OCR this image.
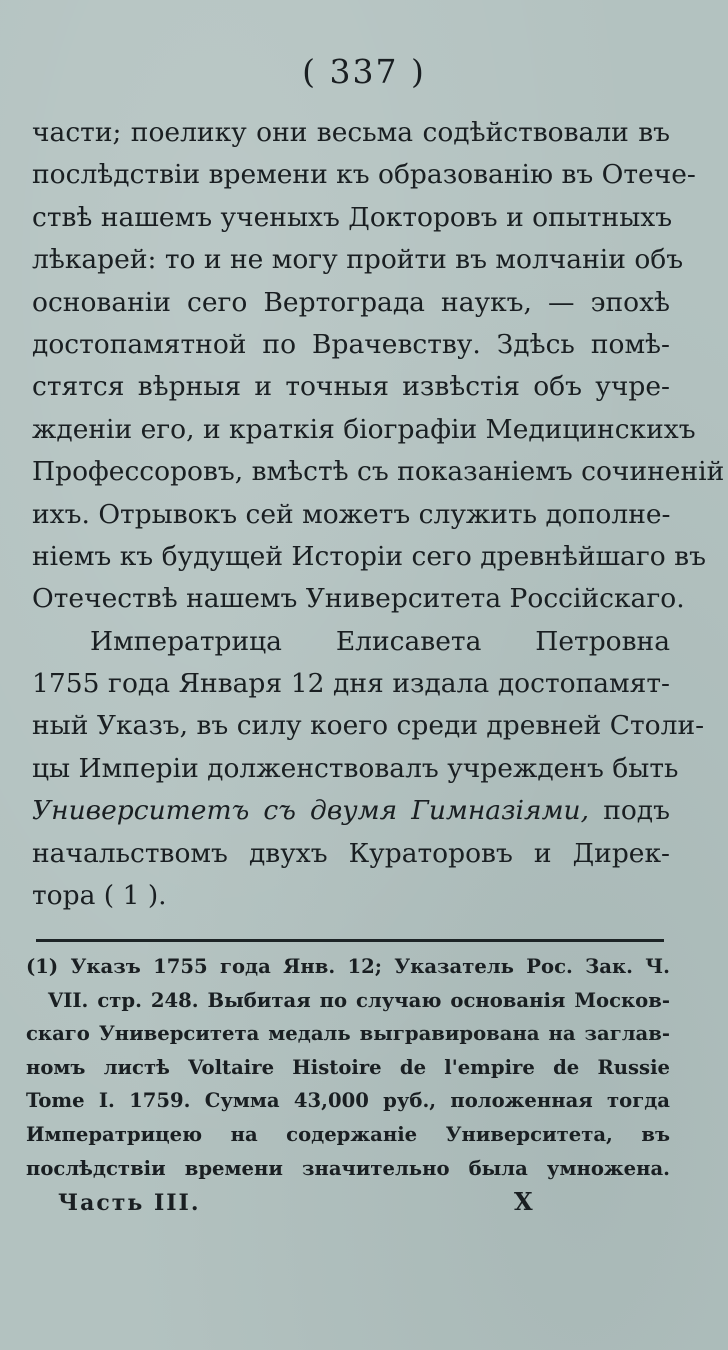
( 337 )
части; поелику они весьма содѣйствовали въ
послѣдствіи времени къ образованію въ Отече-
ствѣ нашемъ ученыхъ Докторовъ и опытныхъ
лѣкарей: то и не могу пройти въ молчаніи объ
основаніи сего Вертограда наукъ, — эпохѣ
достопамятной по Врачевству. Здѣсь помѣ-
стятся вѣрныя и точныя извѣстія объ учре-
жденіи его, и краткія біографіи Медицинскихъ
Профессоровъ, вмѣстѣ съ показаніемъ сочиненій
ихъ. Отрывокъ сей можетъ служить дополне-
ніемъ къ будущей Исторіи сего древнѣйшаго въ
Отечествѣ нашемъ Университета Россійскаго.
Императрица Елисавета Петровна
1755 года Января 12 дня издала достопамят-
ный Указъ, въ силу коего среди древней Столи-
цы Имперіи долженствовалъ учрежденъ быть
Университетъ съ двумя Гимназіями, подъ
начальствомъ двухъ Кураторовъ и Дирек-
тора ( 1 ).
(1) Указъ 1755 года Янв. 12; Указатель Рос. Зак. Ч.
VII. стр. 248. Выбитая по случаю основанія Москов-
скаго Университета медаль выгравирована на заглав-
номъ листѣ Voltaire Histoire de l'empire de Russie
Tome I. 1759. Сумма 43,000 руб., положенная тогда
Императрицею на содержаніе Университета, въ
послѣдствіи времени значительно была умножена.
Часть III.	X
